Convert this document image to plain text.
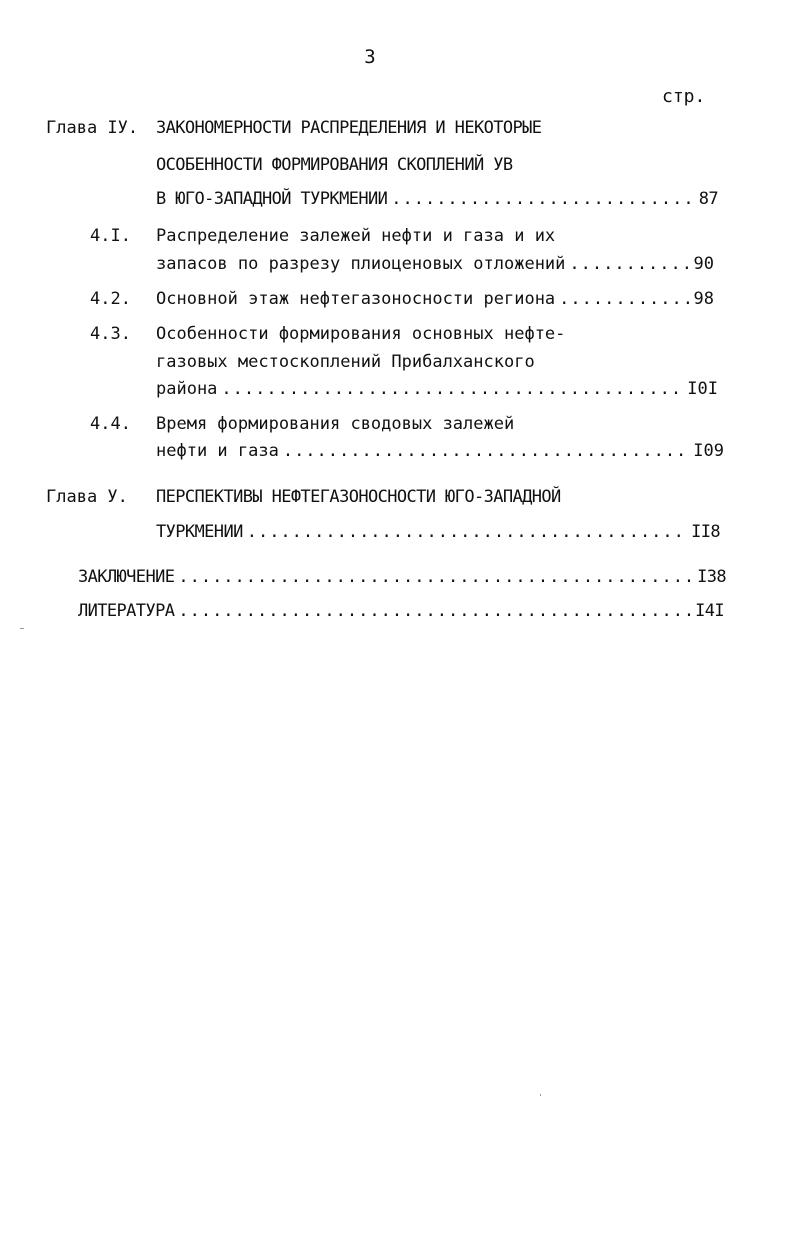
3
стр.
Глава IУ. ЗАКОНОМЕРНОСТИ РАСПРЕДЕЛЕНИЯ И НЕКОТОРЫЕ
ОСОБЕННОСТИ ФОРМИРОВАНИЯ СКОПЛЕНИЙ УВ
В ЮГО-ЗАПАДНОЙ ТУРКМЕНИИ .....	87
4.I. Распределение залежей нефти и газа и их
запасов по разрезу плиоценовых отложений .....	90
4.2. Основной этаж нефтегазоносности региона .....	98
4.3. Особенности формирования основных нефте-
газовых местоскоплений Прибалханского
района .....	I0I
4.4. Время формирования сводовых залежей
нефти и газа .....	I09
Глава У. ПЕРСПЕКТИВЫ НЕФТЕГАЗОНОСНОСТИ ЮГО-ЗАПАДНОЙ
ТУРКМЕНИИ .....	II8
ЗАКЛЮЧЕНИЕ .....	I38
ЛИТЕРАТУРА .....	I4I
